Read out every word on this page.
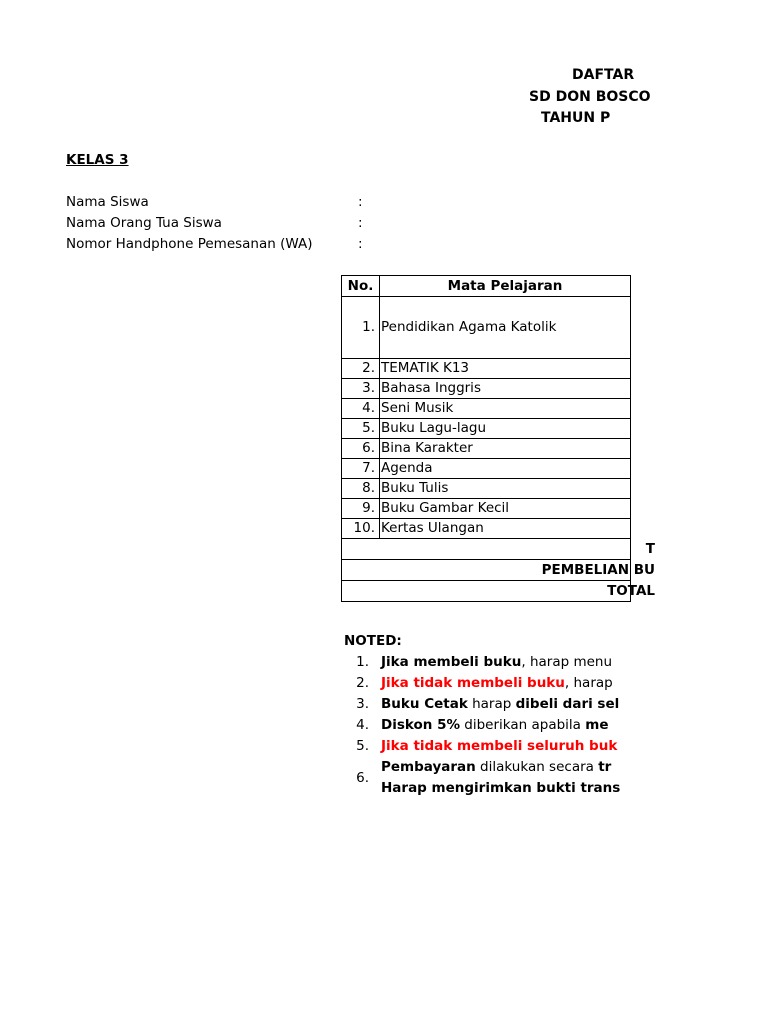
DAFTAR
SD DON BOSCO
TAHUN P
KELAS 3
Nama Siswa	:
Nama Orang Tua Siswa	:
Nomor Handphone Pemesanan (WA)	:
No.	Mata Pelajaran
1.	Pendidikan Agama Katolik
2.	TEMATIK K13
3.	Bahasa Inggris
4.	Seni Musik
5.	Buku Lagu-lagu
6.	Bina Karakter
7.	Agenda
8.	Buku Tulis
9.	Buku Gambar Kecil
10.	Kertas Ulangan
T	
PEMBELIAN BU	
TOTAL	
NOTED:
1. Jika membeli buku, harap menu
2. Jika tidak membeli buku, harap
3. Buku Cetak harap dibeli dari sel
4. Diskon 5% diberikan apabila me
5. Jika tidak membeli seluruh buk
Pembayaran dilakukan secara tr
6.
Harap mengirimkan bukti trans
